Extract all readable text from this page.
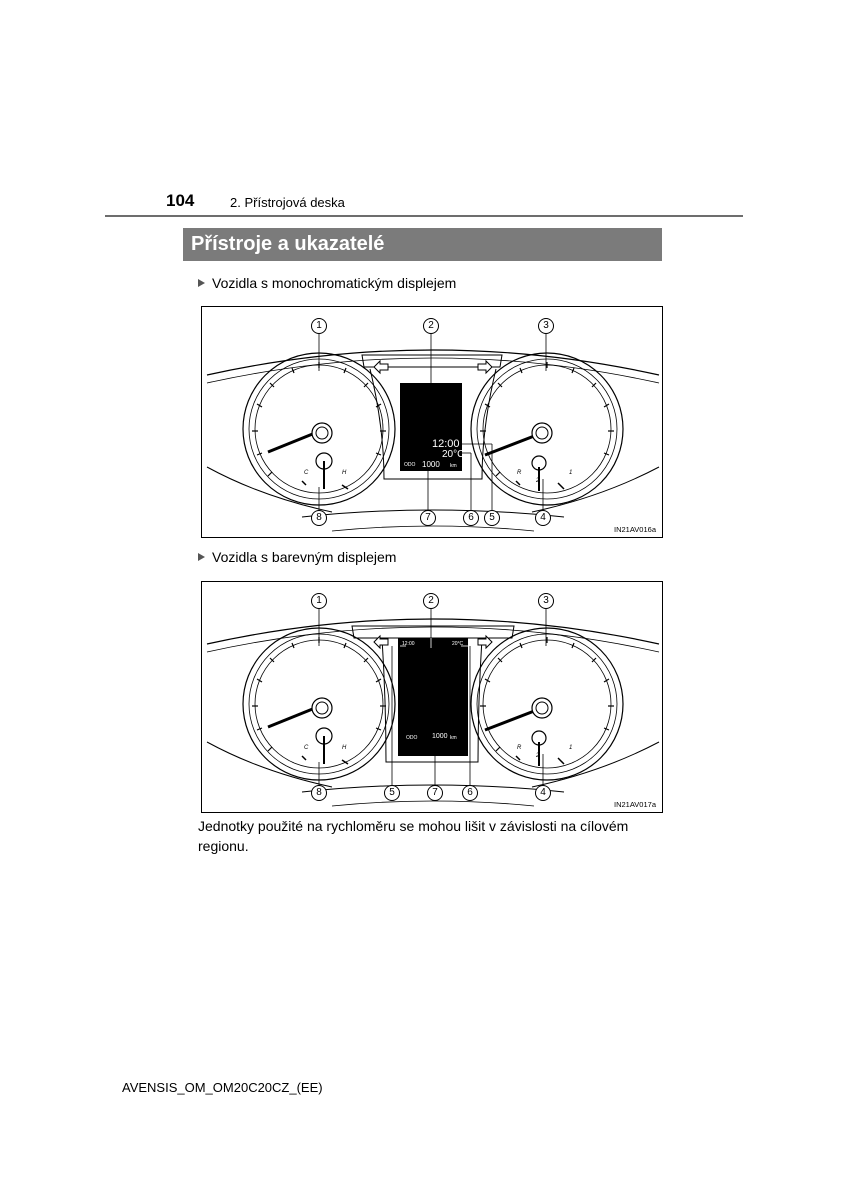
104	2. Přístrojová deska
Přístroje a ukazatelé
Vozidla s monochromatickým displejem
12:00
20°C
ODO 1000 km
C	H	R	1
2
1	2	3
4
5
6
7
8
IN21AV016a
Vozidla s barevným displejem
12:00	20°C
ODO 1000 km
C	H	R	1
2
1	2	3
4
5	6
7
8
IN21AV017a
Jednotky použité na rychloměru se mohou lišit v závislosti na cílovém regionu.
AVENSIS_OM_OM20C20CZ_(EE)
